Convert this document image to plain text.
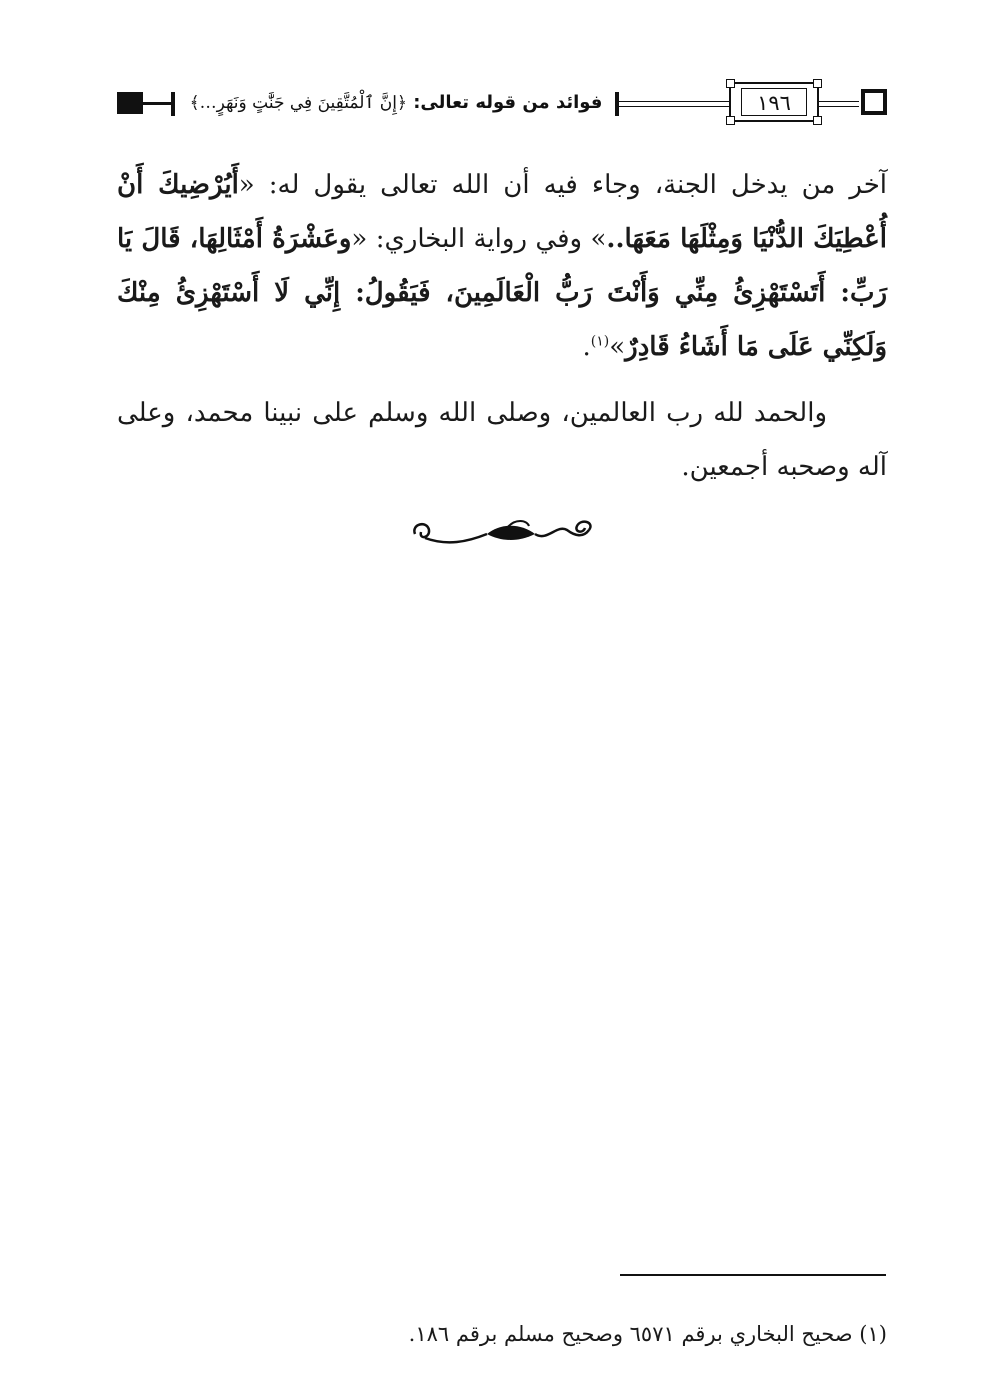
فوائد من قوله تعالى: ﴿إِنَّ ٱلْمُتَّقِينَ فِي جَنَّٰتٍ وَنَهَرٍ…﴾	١٩٦

آخر من يدخل الجنة، وجاء فيه أن الله تعالى يقول له: «أَيُرْضِيكَ أَنْ أُعْطِيَكَ الدُّنْيَا وَمِثْلَهَا مَعَهَا..» وفي رواية البخاري: «وعَشْرَةُ أَمْثَالِهَا، قَالَ يَا رَبِّ: أَتَسْتَهْزِئُ مِنِّي وَأَنْتَ رَبُّ الْعَالَمِينَ، فَيَقُولُ: إِنِّي لَا أَسْتَهْزِئُ مِنْكَ وَلَكِنِّي عَلَى مَا أَشَاءُ قَادِرٌ»$^{(١)}$.

والحمد لله رب العالمين، وصلى الله وسلم على نبينا محمد، وعلى آله وصحبه أجمعين.

(١) صحيح البخاري برقم ٦٥٧١ وصحيح مسلم برقم ١٨٦.
